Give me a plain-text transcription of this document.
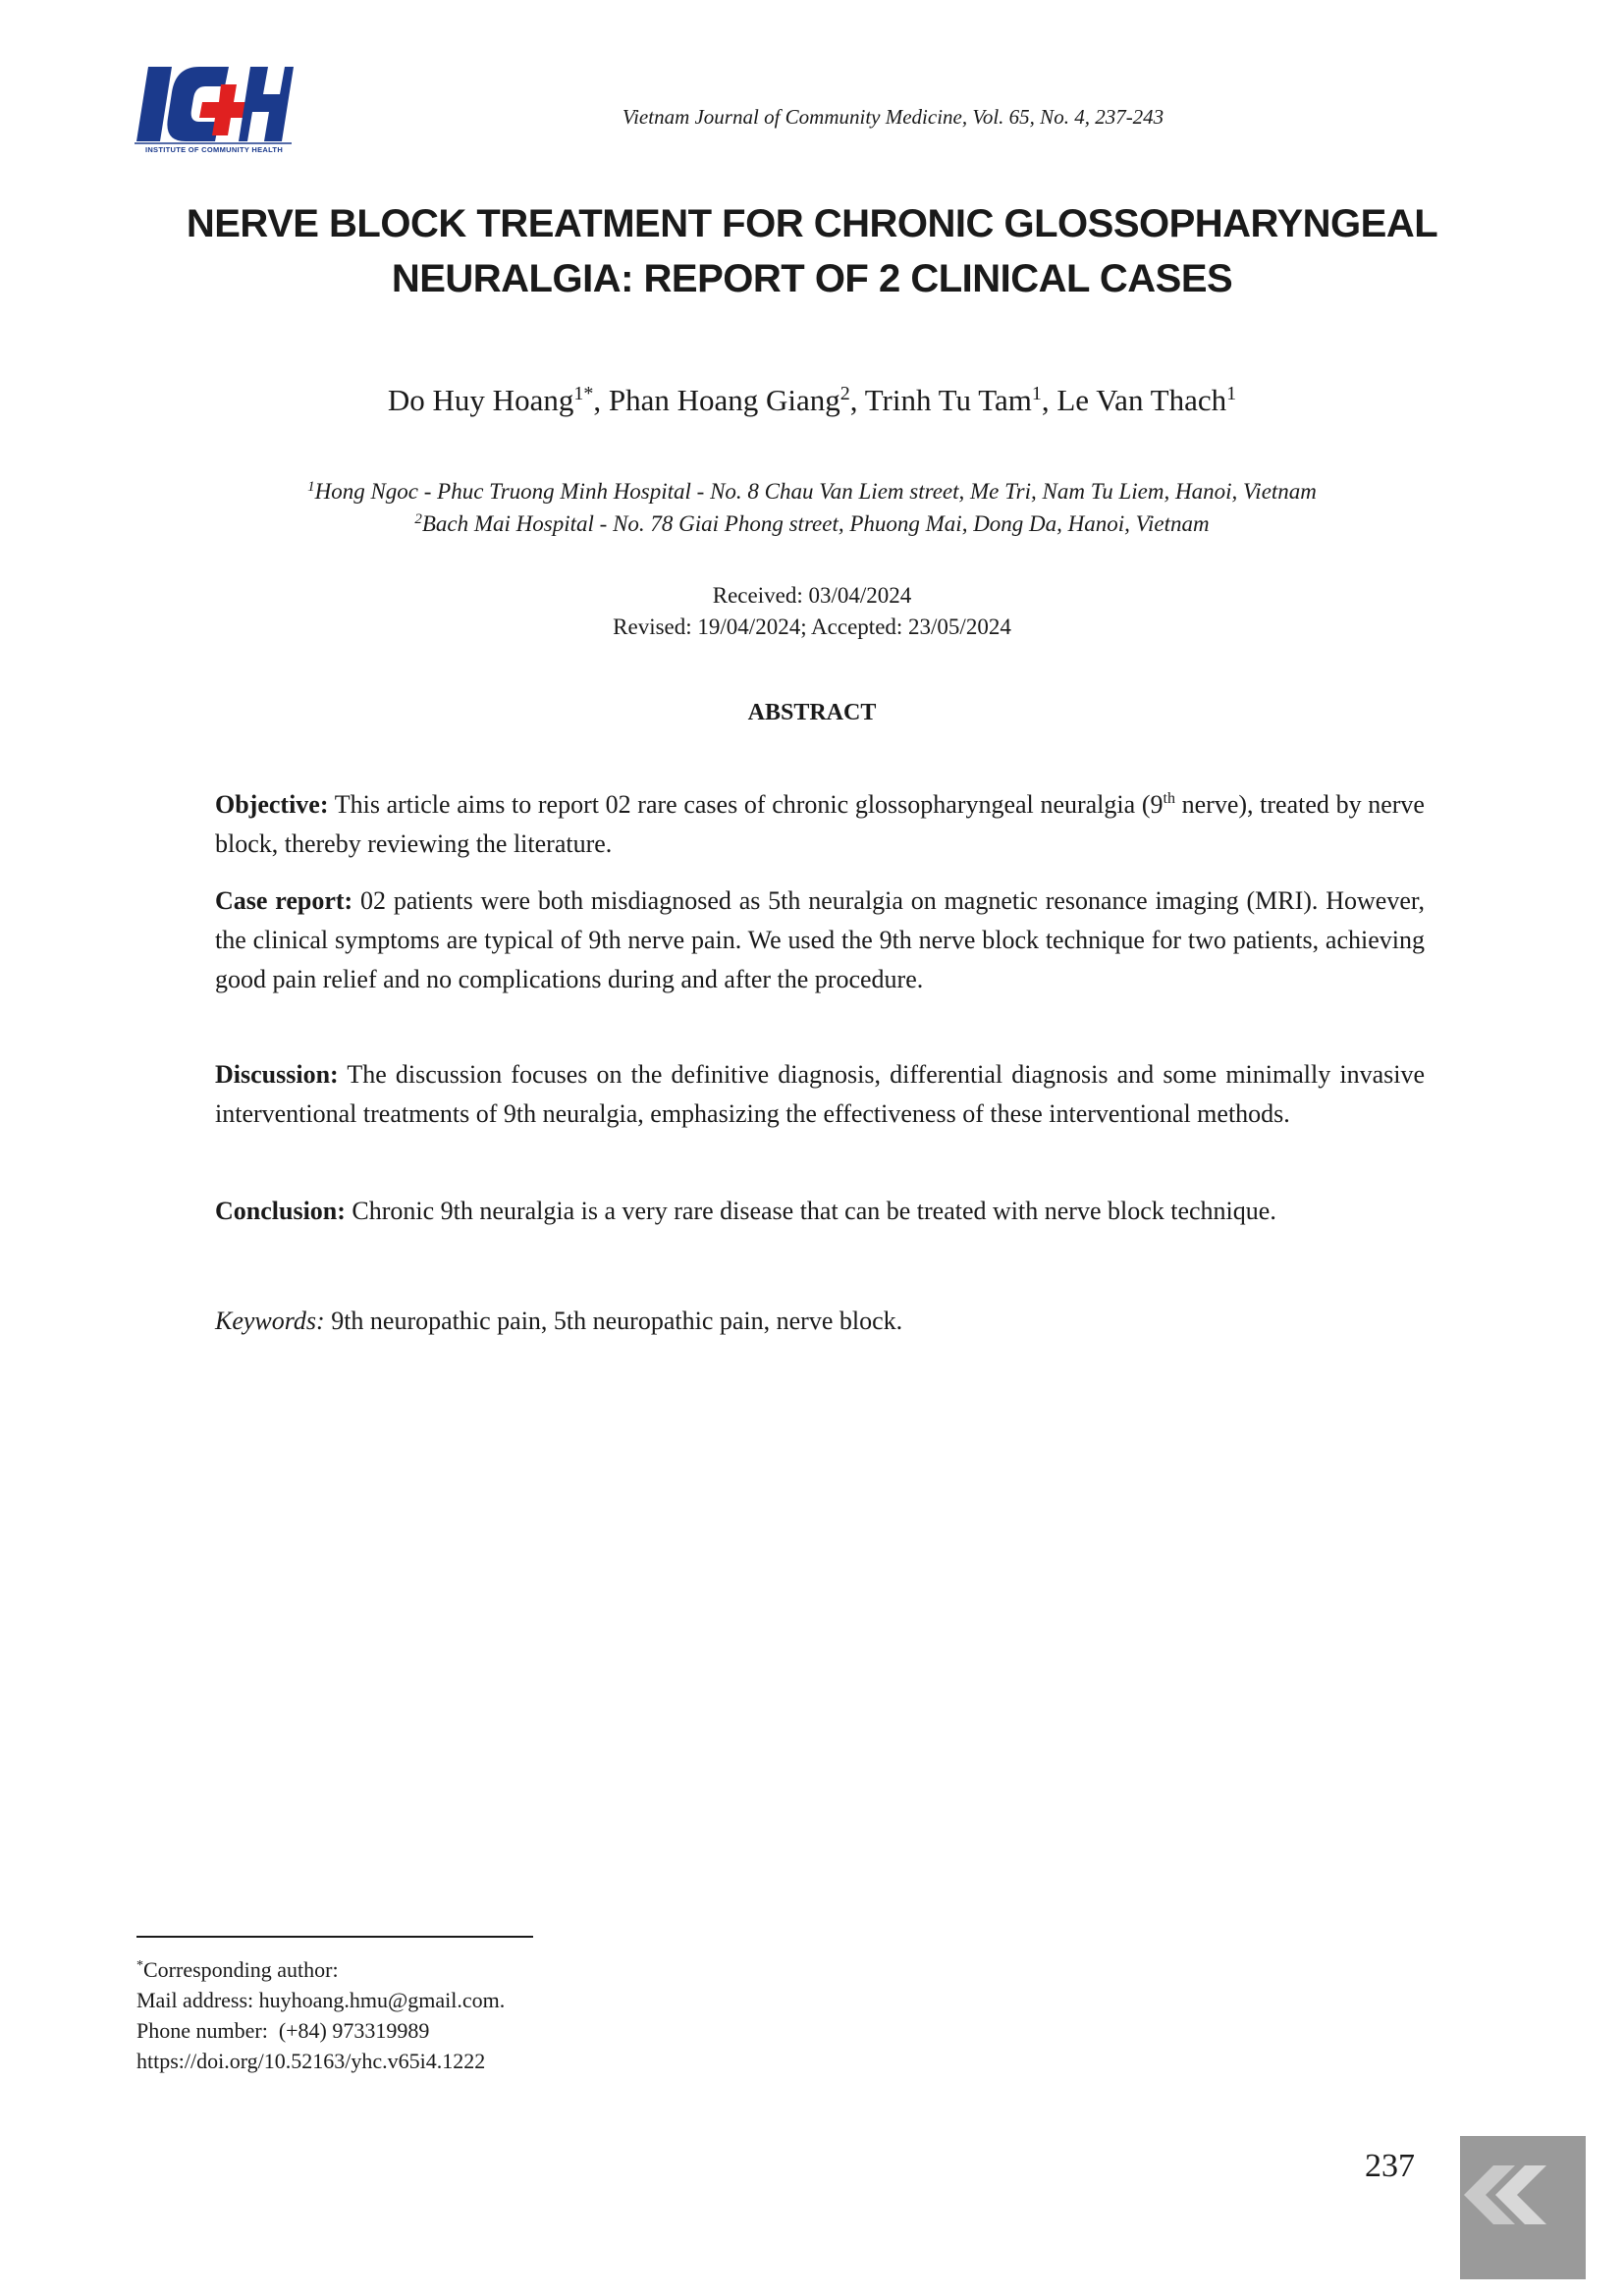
INSTITUTE OF COMMUNITY HEALTH
Vietnam Journal of Community Medicine, Vol. 65, No. 4, 237-243
NERVE BLOCK TREATMENT FOR CHRONIC GLOSSOPHARYNGEAL
NEURALGIA: REPORT OF 2 CLINICAL CASES
Do Huy Hoang$^{1*}$, Phan Hoang Giang$^2$, Trinh Tu Tam$^1$, Le Van Thach$^1$
$^1$Hong Ngoc - Phuc Truong Minh Hospital - No. 8 Chau Van Liem street, Me Tri, Nam Tu Liem, Hanoi, Vietnam
$^2$Bach Mai Hospital - No. 78 Giai Phong street, Phuong Mai, Dong Da, Hanoi, Vietnam
Received: 03/04/2024
Revised: 19/04/2024; Accepted: 23/05/2024
ABSTRACT
Objective: This article aims to report 02 rare cases of chronic glossopharyngeal neuralgia (9th nerve), treated by nerve block, thereby reviewing the literature.
Case report: 02 patients were both misdiagnosed as 5th neuralgia on magnetic resonance imaging (MRI). However, the clinical symptoms are typical of 9th nerve pain. We used the 9th nerve block technique for two patients, achieving good pain relief and no complications during and after the procedure.
Discussion: The discussion focuses on the definitive diagnosis, differential diagnosis and some minimally invasive interventional treatments of 9th neuralgia, emphasizing the effectiveness of these interventional methods.
Conclusion: Chronic 9th neuralgia is a very rare disease that can be treated with nerve block technique.
Keywords: 9th neuropathic pain, 5th neuropathic pain, nerve block.
*Corresponding author:
Mail address: huyhoang.hmu@gmail.com.
Phone number:  (+84) 973319989
https://doi.org/10.52163/yhc.v65i4.1222
237
